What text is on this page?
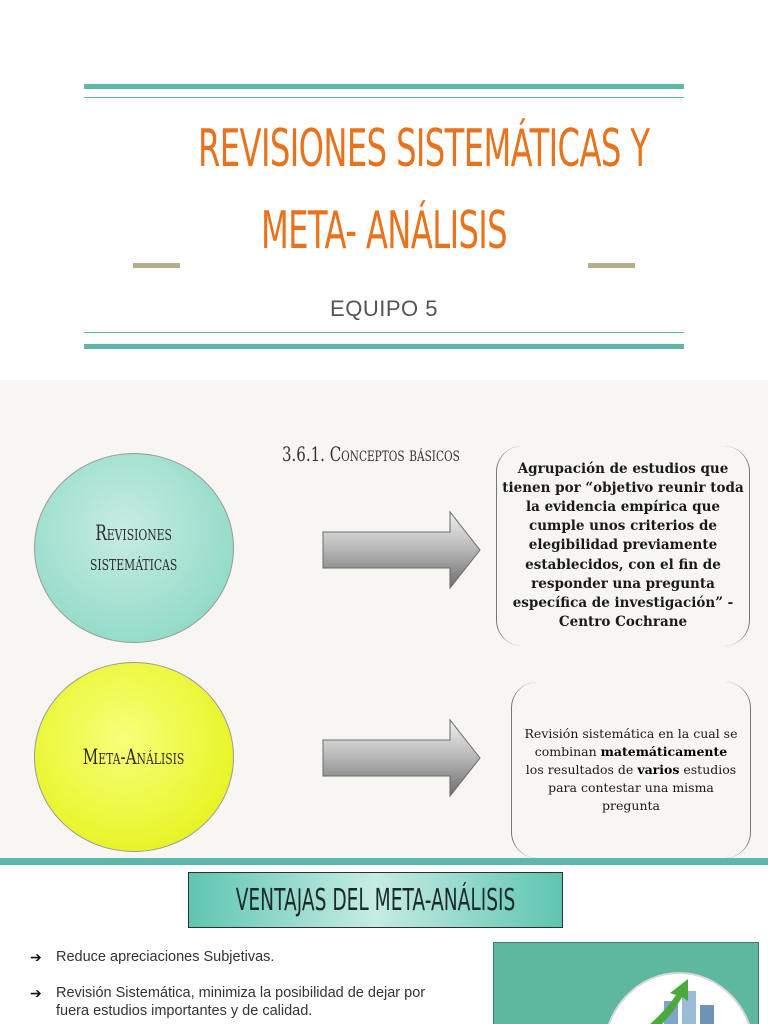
REVISIONES SISTEMÁTICAS Y
META- ANÁLISIS
EQUIPO 5
3.6.1. Conceptos básicos
Revisiones
sistemáticas
Agrupación de estudios que tienen por “objetivo reunir toda la evidencia empírica que cumple unos criterios de elegibilidad previamente establecidos, con el fin de responder una pregunta específica de investigación” -Centro Cochrane
Meta-Análisis
Revisión sistemática en la cual se combinan matemáticamente los resultados de varios estudios para contestar una misma pregunta
VENTAJAS DEL META-ANÁLISIS
➔ Reduce apreciaciones Subjetivas.
➔ Revisión Sistemática, minimiza la posibilidad de dejar por fuera estudios importantes y de calidad.
